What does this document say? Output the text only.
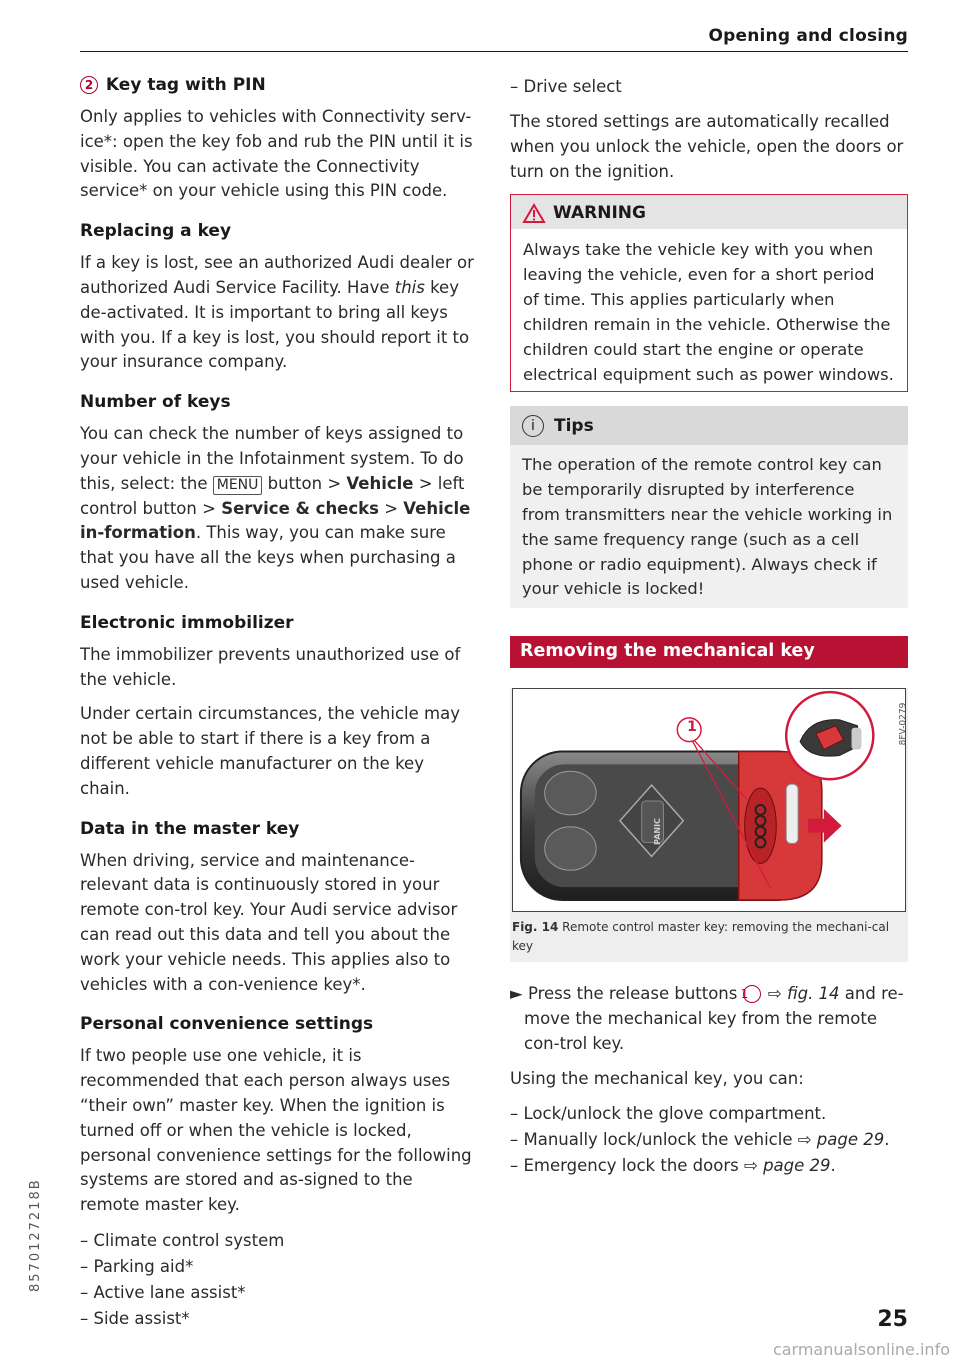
Opening and closing
2 Key tag with PIN

Only applies to vehicles with Connectivity serv-ice*: open the key fob and rub the PIN until it is visible. You can activate the Connectivity service* on your vehicle using this PIN code.

Replacing a key

If a key is lost, see an authorized Audi dealer or authorized Audi Service Facility. Have this key de-activated. It is important to bring all keys with you. If a key is lost, you should report it to your insurance company.

Number of keys

You can check the number of keys assigned to your vehicle in the Infotainment system. To do this, select: the MENU button > Vehicle > left control button > Service & checks > Vehicle in-formation. This way, you can make sure that you have all the keys when purchasing a used vehicle.

Electronic immobilizer

The immobilizer prevents unauthorized use of the vehicle.

Under certain circumstances, the vehicle may not be able to start if there is a key from a different vehicle manufacturer on the key chain.

Data in the master key

When driving, service and maintenance-relevant data is continuously stored in your remote con-trol key. Your Audi service advisor can read out this data and tell you about the work your vehicle needs. This applies also to vehicles with a con-venience key*.

Personal convenience settings

If two people use one vehicle, it is recommended that each person always uses “their own” master key. When the ignition is turned off or when the vehicle is locked, personal convenience settings for the following systems are stored and as-signed to the remote master key.

– Climate control system
– Parking aid*
– Active lane assist*
– Side assist*
– Drive select

The stored settings are automatically recalled when you unlock the vehicle, open the doors or turn on the ignition.

WARNING
Always take the vehicle key with you when leaving the vehicle, even for a short period of time. This applies particularly when children remain in the vehicle. Otherwise the children could start the engine or operate electrical equipment such as power windows.
i	Tips
The operation of the remote control key can be temporarily disrupted by interference from transmitters near the vehicle working in the same frequency range (such as a cell phone or radio equipment). Always check if your vehicle is locked!
Removing the mechanical key
1
PANIC
8FV-0279
Fig. 14 Remote control master key: removing the mechani-cal key

► Press the release buttons 1 ⇨ fig. 14 and re-move the mechanical key from the remote con-trol key.

Using the mechanical key, you can:

– Lock/unlock the glove compartment.
– Manually lock/unlock the vehicle ⇨ page 29.
– Emergency lock the doors ⇨ page 29.
8570127218B
25
carmanualsonline.info
